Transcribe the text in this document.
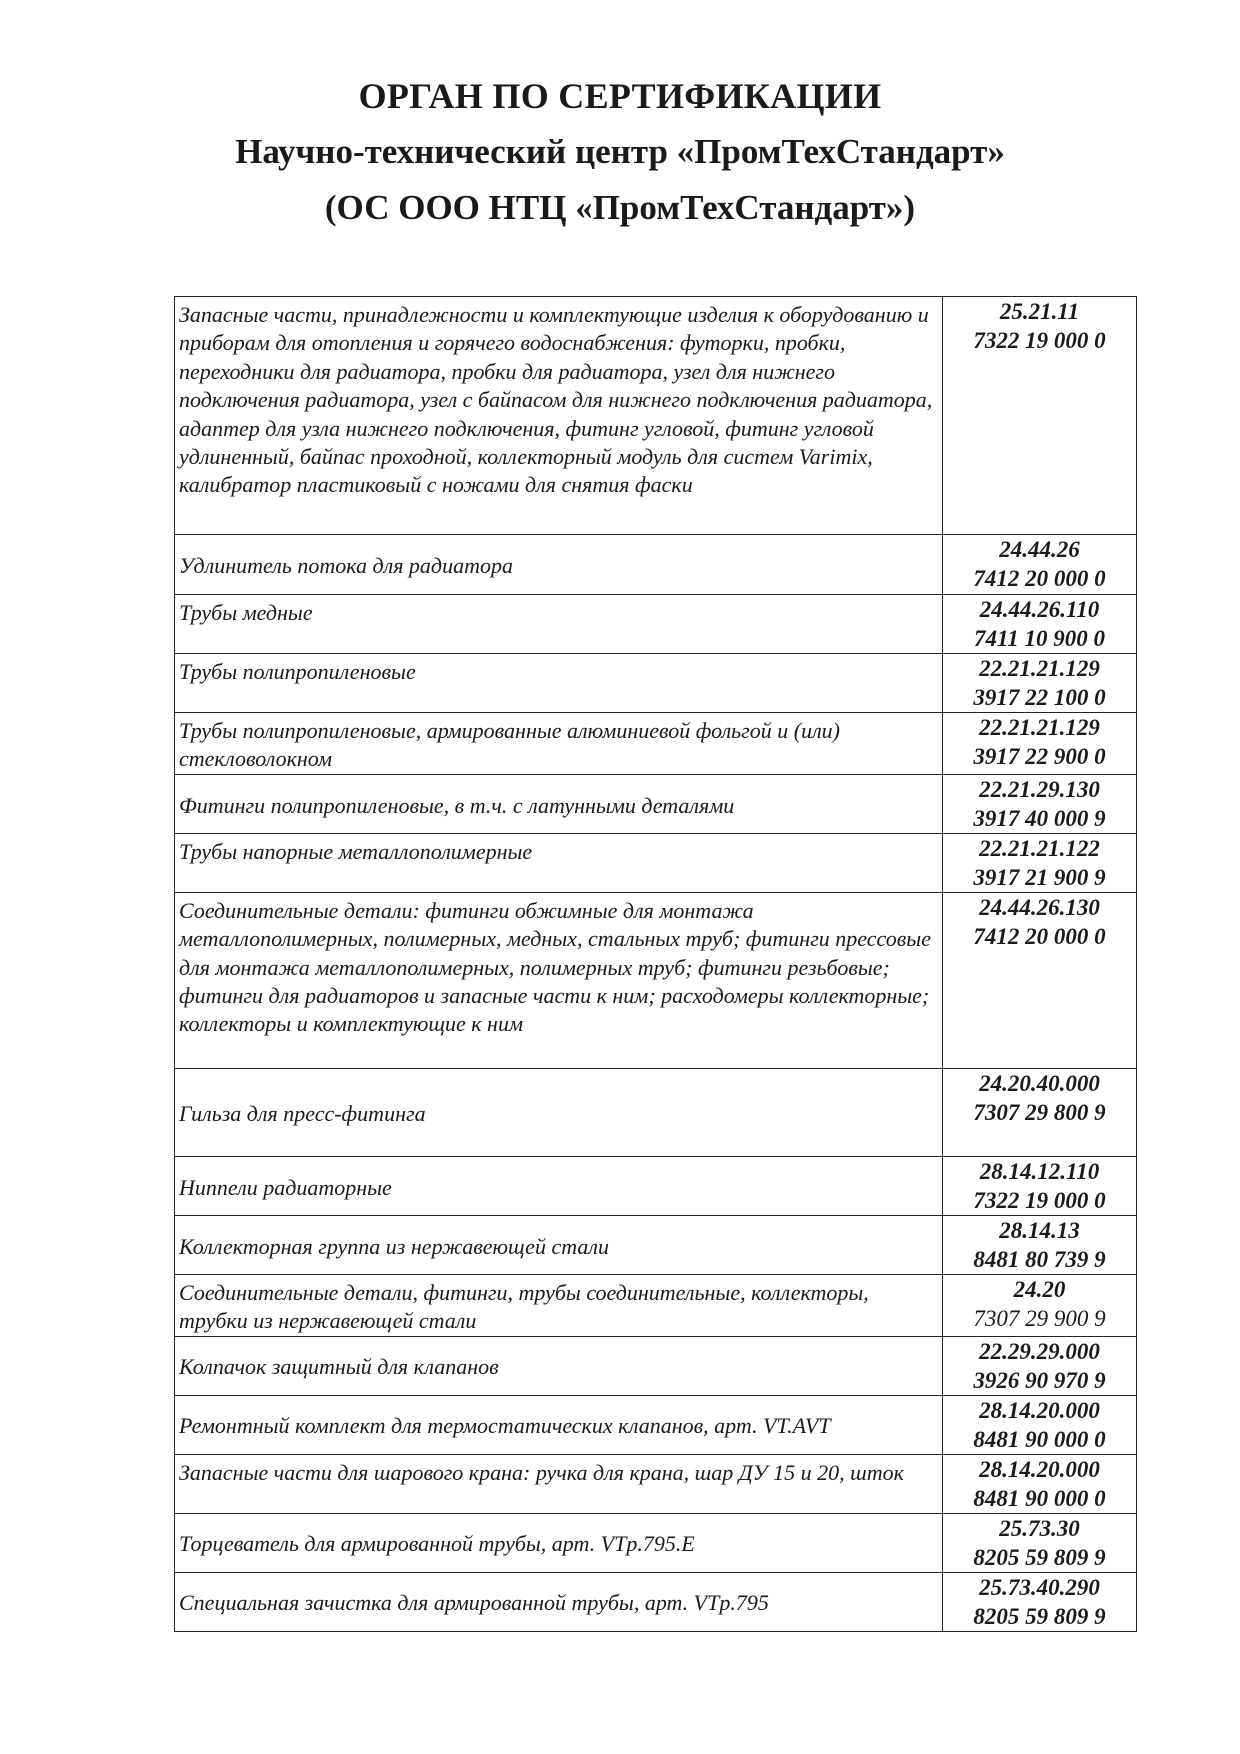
ОРГАН ПО СЕРТИФИКАЦИИ
Научно-технический центр «ПромТехСтандарт»
(ОС ООО НТЦ «ПромТехСтандарт»)
Запасные части, принадлежности и комплектующие изделия к оборудованию и приборам для отопления и горячего водоснабжения: футорки, пробки, переходники для радиатора, пробки для радиатора, узел для нижнего подключения радиатора, узел с байпасом для нижнего подключения радиатора, адаптер для узла нижнего подключения, фитинг угловой, фитинг угловой удлиненный, байпас проходной, коллекторный модуль для систем Varimix, калибратор пластиковый с ножами для снятия фаски	25.21.11
7322 19 000 0

Удлинитель потока для радиатора	24.44.26
7412 20 000 0

Трубы медные	24.44.26.110
7411 10 900 0

Трубы полипропиленовые	22.21.21.129
3917 22 100 0

Трубы полипропиленовые, армированные алюминиевой фольгой и (или) стекловолокном	22.21.21.129
3917 22 900 0

Фитинги полипропиленовые, в т.ч. с латунными деталями	22.21.29.130
3917 40 000 9

Трубы напорные металлополимерные	22.21.21.122
3917 21 900 9

Соединительные детали: фитинги обжимные для монтажа металлополимерных, полимерных, медных, стальных труб; фитинги прессовые для монтажа металлополимерных, полимерных труб; фитинги резьбовые; фитинги для радиаторов и запасные части к ним; расходомеры коллекторные; коллекторы и комплектующие к ним	24.44.26.130
7412 20 000 0

Гильза для пресс-фитинга	24.20.40.000
7307 29 800 9

Ниппели радиаторные	28.14.12.110
7322 19 000 0

Коллекторная группа из нержавеющей стали	28.14.13
8481 80 739 9

Соединительные детали, фитинги, трубы соединительные, коллекторы, трубки из нержавеющей стали	24.20
7307 29 900 9

Колпачок защитный для клапанов	22.29.29.000
3926 90 970 9

Ремонтный комплект для термостатических клапанов, арт. VT.AVT	28.14.20.000
8481 90 000 0

Запасные части для шарового крана: ручка для крана, шар ДУ 15 и 20, шток	28.14.20.000
8481 90 000 0

Торцеватель для армированной трубы, арт. VTp.795.E	25.73.30
8205 59 809 9

Специальная зачистка для армированной трубы, арт. VTp.795	25.73.40.290
8205 59 809 9
